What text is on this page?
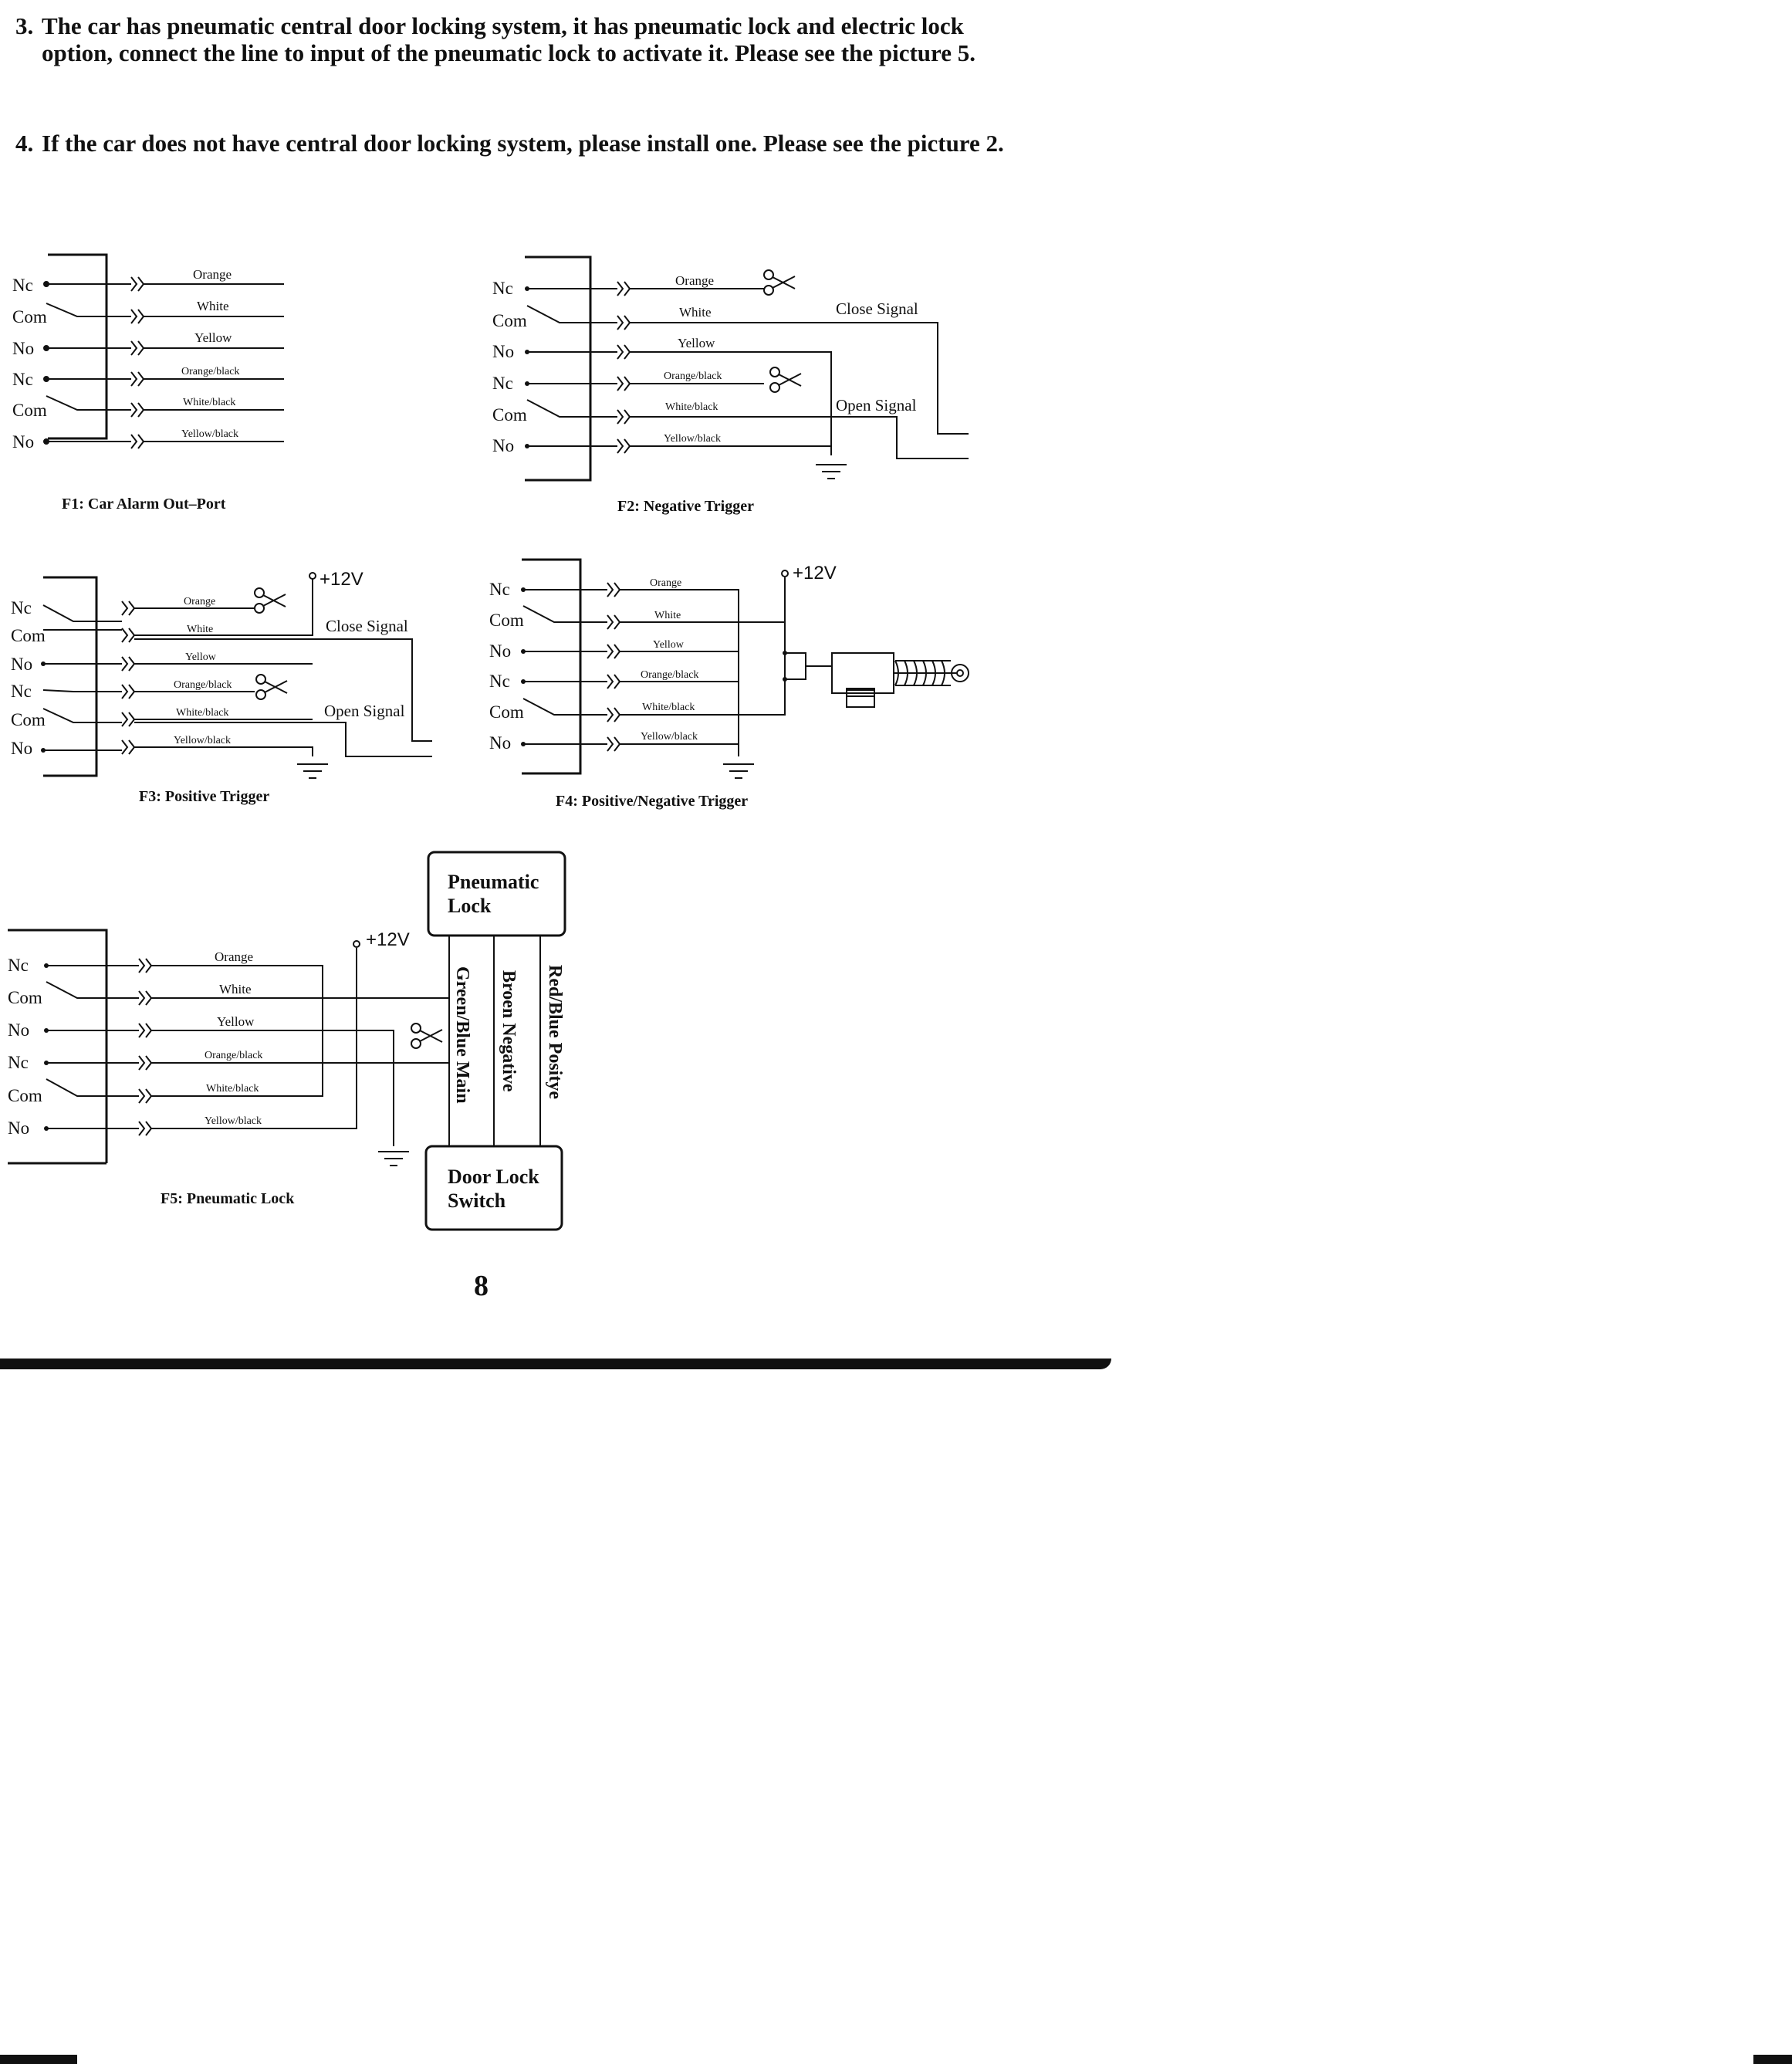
3. The car has pneumatic central door locking system, it has pneumatic lock and electric lock option, connect the line to input of the pneumatic lock to activate it. Please see the picture 5.
4. If the car does not have central door locking system, please install one. Please see the picture 2.
Nc
Com
No
Nc
Com
No
Orange
White
Yellow
Orange/black
White/black
Yellow/black
F1: Car Alarm Out–Port
Nc
Com
No
Nc
Com
No
Orange
White
Yellow
Orange/black
White/black
Yellow/black
Close Signal
Open Signal
F2: Negative Trigger
Nc
Com
No
Nc
Com
No
+12V
Orange
White
Yellow
Orange/black
White/black
Yellow/black
Close Signal
Open Signal
F3: Positive Trigger
Nc
Com
No
Nc
Com
No
+12V
Orange
White
Yellow
Orange/black
White/black
Yellow/black
F4: Positive/Negative Trigger
Nc
Com
No
Nc
Com
No
Pneumatic
Lock
Door Lock
Switch
Green/Blue Main Broen Negative Red/Blue Positye
+12V
Orange
White
Yellow
Orange/black
White/black
Yellow/black
F5: Pneumatic Lock
8
